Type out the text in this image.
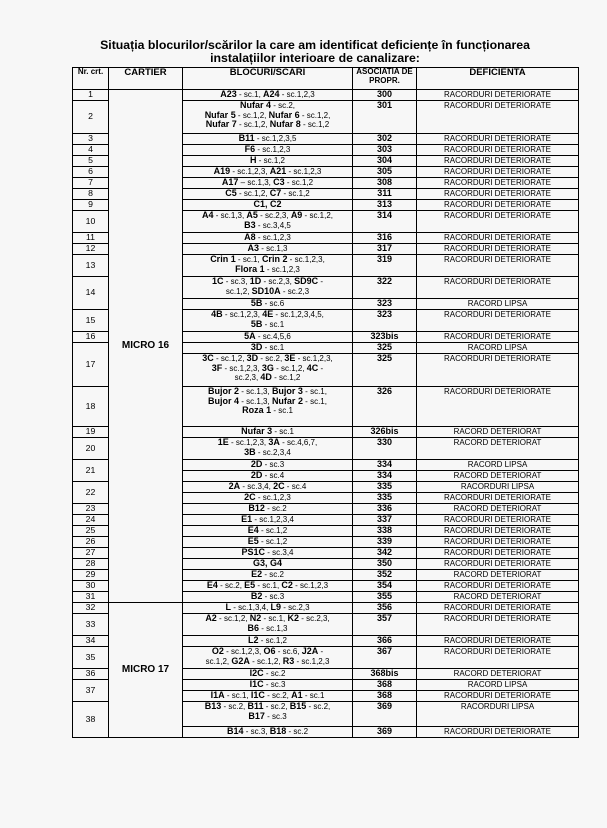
Situația blocurilor/scărilor la care am identificat deficiențe în funcționarea
instalațiilor interioare de canalizare:
Nr. crt.	CARTIER	BLOCURI/SCARI	ASOCIATIA DE PROPR.	DEFICIENTA
1	MICRO 16	A23 - sc.1, A24 - sc.1,2,3	300	RACORDURI DETERIORATE
2		Nufar 4 - sc.2,
Nufar 5 - sc.1,2, Nufar 6 - sc.1,2,
Nufar 7 - sc.1,2, Nufar 8 - sc.1,2	301	RACORDURI DETERIORATE
3		B11 - sc.1,2,3,5	302	RACORDURI DETERIORATE
4		F6 - sc.1,2,3	303	RACORDURI DETERIORATE
5		H - sc.1,2	304	RACORDURI DETERIORATE
6		A19 - sc.1,2,3, A21 - sc.1,2,3	305	RACORDURI DETERIORATE
7		A17 – sc.1,3, C3 - sc.1,2	308	RACORDURI DETERIORATE
8		C5 - sc.1,2, C7 - sc.1,2	311	RACORDURI DETERIORATE
9		C1, C2	313	RACORDURI DETERIORATE
10		A4 - sc.1,3, A5 - sc.2,3, A9 - sc.1,2,
B3 - sc.3,4,5	314	RACORDURI DETERIORATE
11		A8 - sc.1,2,3	316	RACORDURI DETERIORATE
12		A3 - sc.1,3	317	RACORDURI DETERIORATE
13		Crin 1 - sc.1, Crin 2 - sc.1,2,3,
Flora 1 - sc.1,2,3	319	RACORDURI DETERIORATE
14		1C - sc.3, 1D - sc.2,3, SD9C -
sc.1,2, SD10A - sc.2,3	322	RACORDURI DETERIORATE

		5B - sc.6	323	RACORD LIPSA
15		4B - sc.1,2,3, 4E - sc.1,2,3,4,5,
5B - sc.1	323	RACORDURI DETERIORATE
16		5A - sc.4,5,6	323bis	RACORDURI DETERIORATE
17		3D - sc.1	325	RACORD LIPSA

		3C - sc.1,2, 3D - sc.2, 3E - sc.1,2,3,
3F - sc.1,2,3, 3G - sc.1,2, 4C -
sc.2,3, 4D - sc.1,2	325	RACORDURI DETERIORATE
18		Bujor 2 - sc.1,3, Bujor 3 - sc.1,
Bujor 4 - sc.1,3, Nufar 2 - sc.1,
Roza 1 - sc.1	326	RACORDURI DETERIORATE
19		Nufar 3 - sc.1	326bis	RACORD DETERIORAT
20		1E - sc.1,2,3, 3A - sc.4,6,7,
3B - sc.2,3,4	330	RACORD DETERIORAT
21		2D - sc.3	334	RACORD LIPSA

		2D - sc.4	334	RACORD DETERIORAT
22		2A - sc.3,4, 2C - sc.4	335	RACORDURI LIPSA

		2C - sc.1,2,3	335	RACORDURI DETERIORATE
23		B12 - sc.2	336	RACORD DETERIORAT
24		E1 - sc.1,2,3,4	337	RACORDURI DETERIORATE
25		E4 - sc.1,2	338	RACORDURI DETERIORATE
26		E5 - sc.1,2	339	RACORDURI DETERIORATE
27		PS1C - sc.3,4	342	RACORDURI DETERIORATE
28		G3, G4	350	RACORDURI DETERIORATE
29		E2 - sc.2	352	RACORD DETERIORAT
30		E4 - sc.2, E5 - sc.1, C2 - sc.1,2,3	354	RACORDURI DETERIORATE
31		B2 - sc.3	355	RACORD DETERIORAT
32	MICRO 17	L - sc.1,3,4, L9 - sc.2,3	356	RACORDURI DETERIORATE
33		A2 - sc.1,2, N2 - sc.1, K2 - sc.2,3,
B6 - sc.1,3	357	RACORDURI DETERIORATE
34		L2 - sc.1,2	366	RACORDURI DETERIORATE
35		O2 - sc.1,2,3, O6 - sc.6, J2A -
sc.1,2, G2A - sc.1,2, R3 - sc.1,2,3	367	RACORDURI DETERIORATE
36		I2C - sc.2	368bis	RACORD DETERIORAT
37		I1C - sc.3	368	RACORD LIPSA

		I1A - sc.1, I1C - sc.2, A1 - sc.1	368	RACORDURI DETERIORATE
38		B13 - sc.2, B11 - sc.2, B15 - sc.2,
B17 - sc.3	369	RACORDURI LIPSA

		B14 - sc.3, B18 - sc.2	369	RACORDURI DETERIORATE
